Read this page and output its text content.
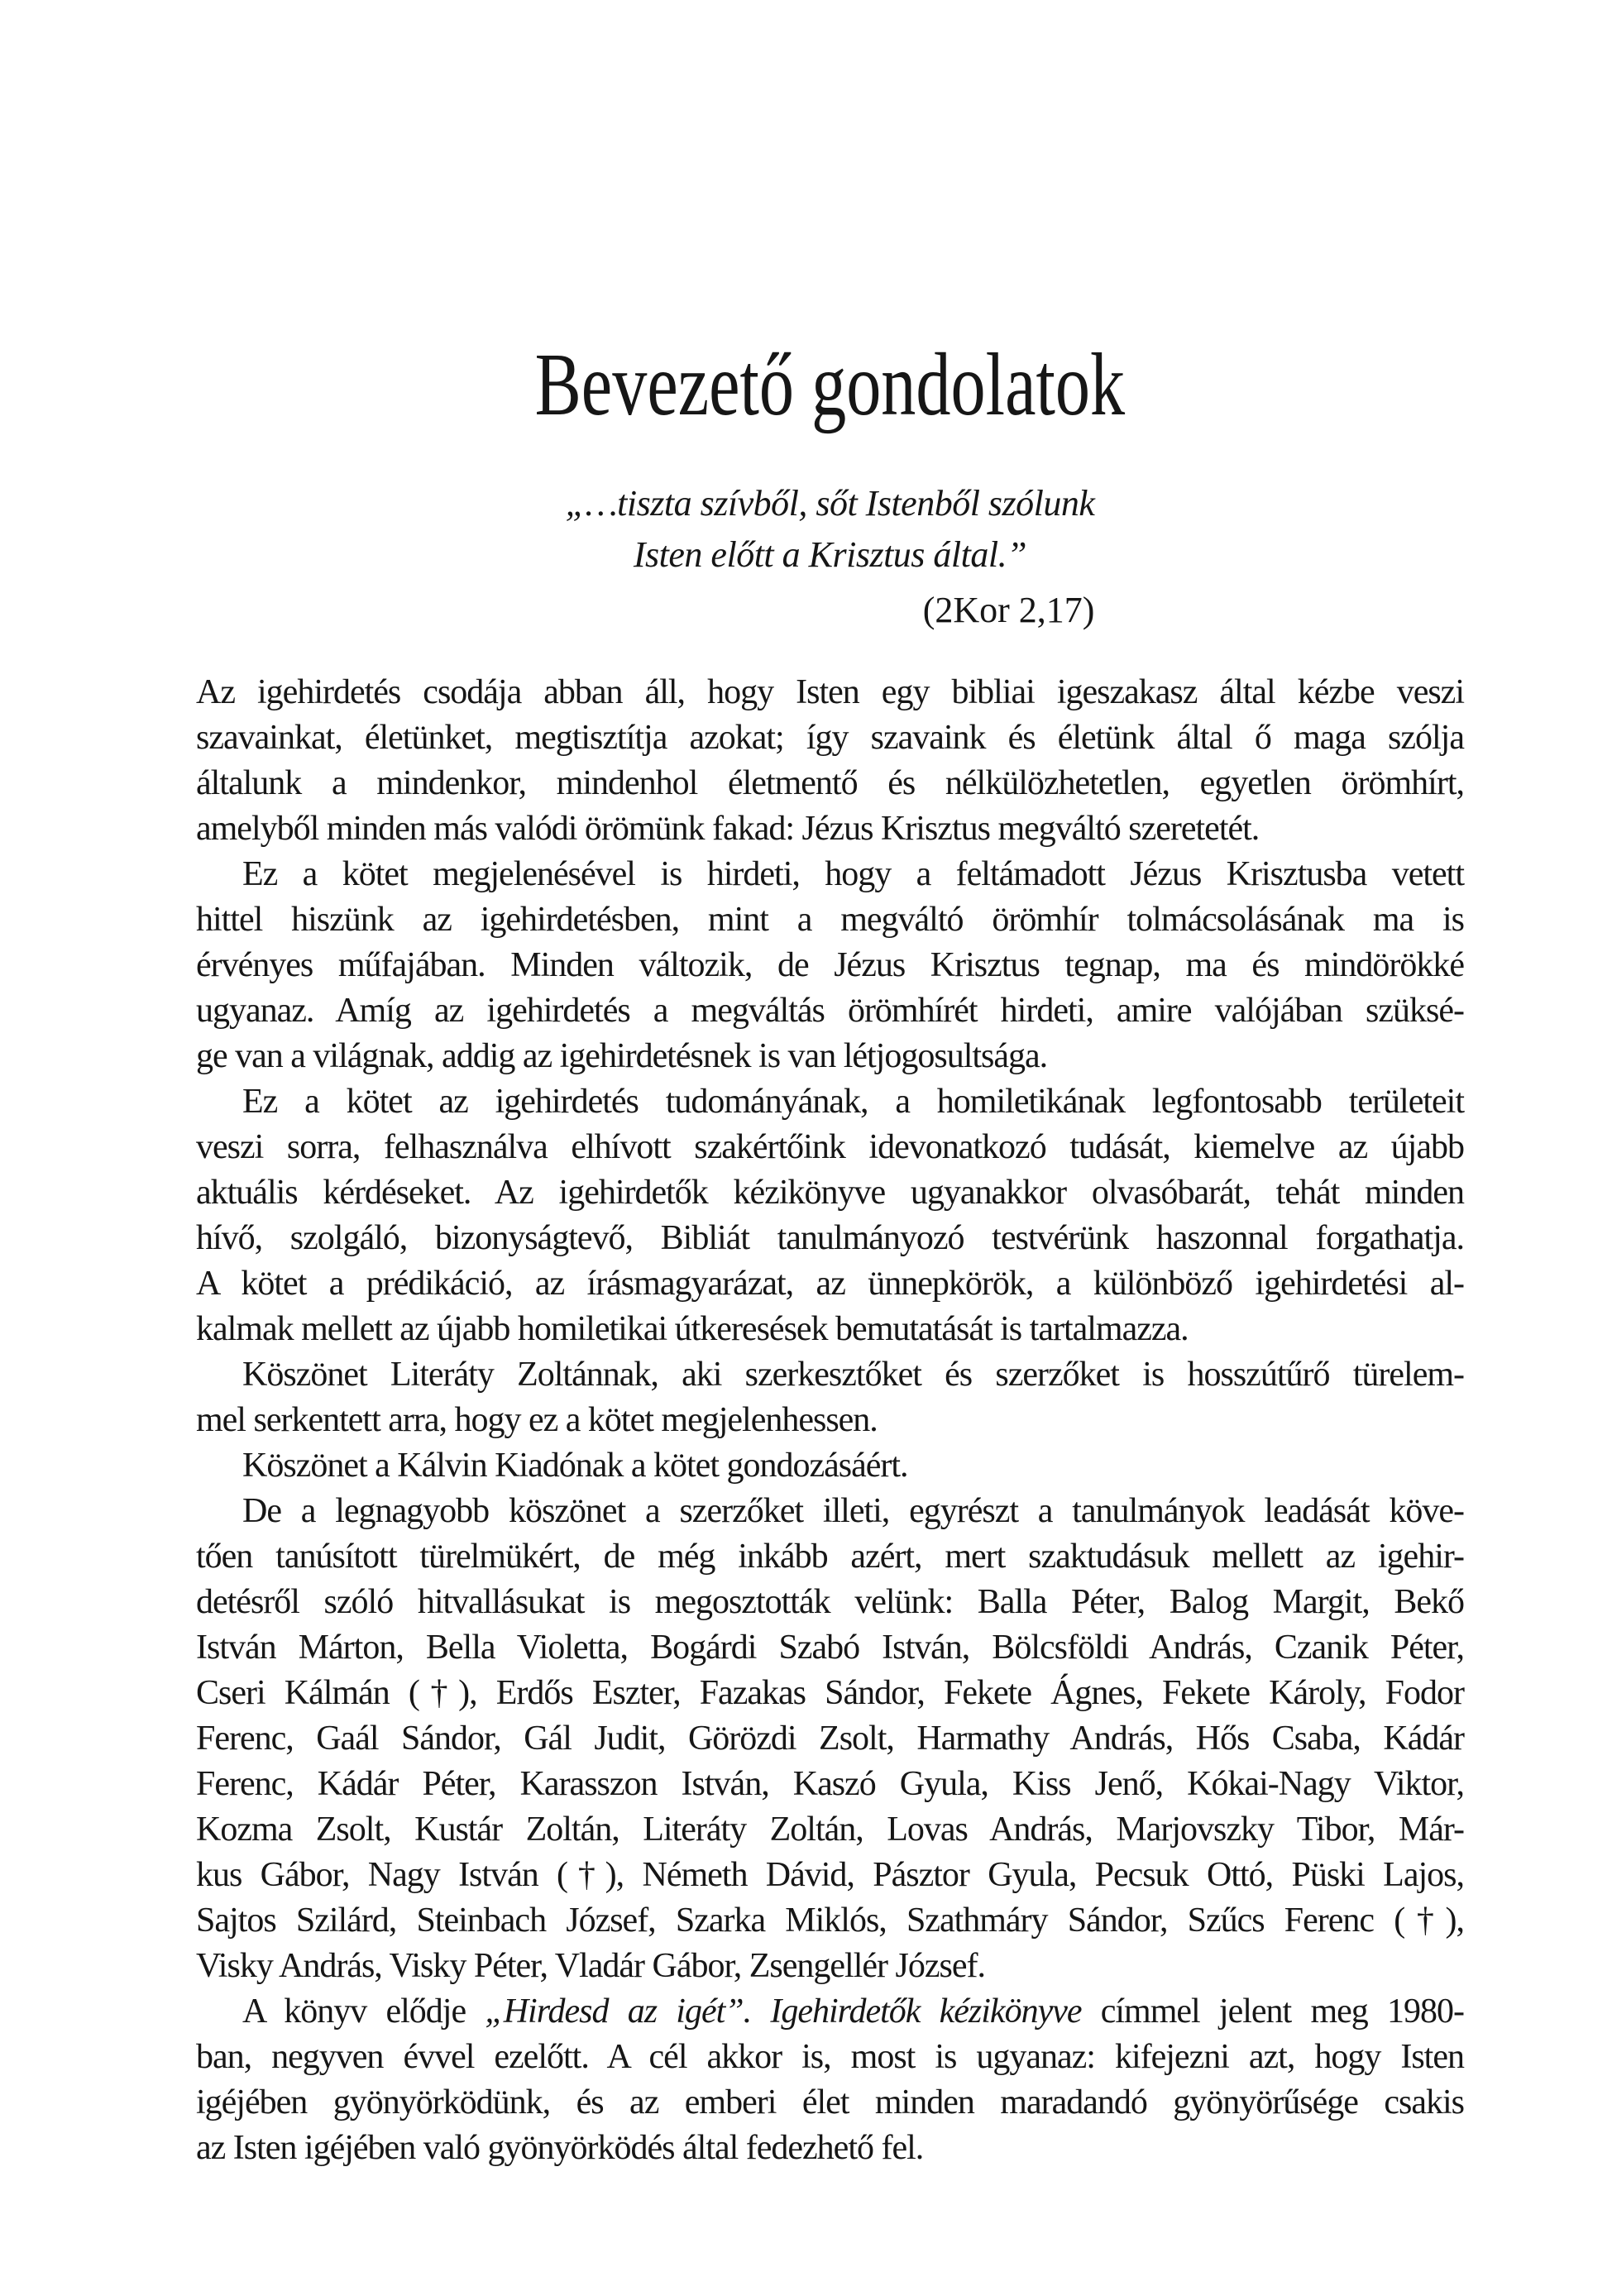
Bevezető gondolatok
„…tiszta szívből, sőt Istenből szólunk
Isten előtt a Krisztus által.”
(2Kor 2,17)
Az igehirdetés csodája abban áll, hogy Isten egy bibliai igeszakasz által kézbe veszi
szavainkat, életünket, megtisztítja azokat; így szavaink és életünk által ő maga szólja
általunk a mindenkor, mindenhol életmentő és nélkülözhetetlen, egyetlen örömhírt,
amelyből minden más valódi örömünk fakad: Jézus Krisztus megváltó szeretetét.
Ez a kötet megjelenésével is hirdeti, hogy a feltámadott Jézus Krisztusba vetett
hittel hiszünk az igehirdetésben, mint a megváltó örömhír tolmácsolásának ma is
érvényes műfajában. Minden változik, de Jézus Krisztus tegnap, ma és mindörökké
ugyanaz. Amíg az igehirdetés a megváltás örömhírét hirdeti, amire valójában szüksé-
ge van a világnak, addig az igehirdetésnek is van létjogosultsága.
Ez a kötet az igehirdetés tudományának, a homiletikának legfontosabb területeit
veszi sorra, felhasználva elhívott szakértőink idevonatkozó tudását, kiemelve az újabb
aktuális kérdéseket. Az igehirdetők kézikönyve ugyanakkor olvasóbarát, tehát minden
hívő, szolgáló, bizonyságtevő, Bibliát tanulmányozó testvérünk haszonnal forgathatja.
A kötet a prédikáció, az írásmagyarázat, az ünnepkörök, a különböző igehirdetési al-
kalmak mellett az újabb homiletikai útkeresések bemutatását is tartalmazza.
Köszönet Literáty Zoltánnak, aki szerkesztőket és szerzőket is hosszútűrő türelem-
mel serkentett arra, hogy ez a kötet megjelenhessen.
Köszönet a Kálvin Kiadónak a kötet gondozásáért.
De a legnagyobb köszönet a szerzőket illeti, egyrészt a tanulmányok leadását köve-
tően tanúsított türelmükért, de még inkább azért, mert szaktudásuk mellett az igehir-
detésről szóló hitvallásukat is megosztották velünk: Balla Péter, Balog Margit, Bekő
István Márton, Bella Violetta, Bogárdi Szabó István, Bölcsföldi András, Czanik Péter,
Cseri Kálmán (†), Erdős Eszter, Fazakas Sándor, Fekete Ágnes, Fekete Károly, Fodor
Ferenc, Gaál Sándor, Gál Judit, Görözdi Zsolt, Harmathy András, Hős Csaba, Kádár
Ferenc, Kádár Péter, Karasszon István, Kaszó Gyula, Kiss Jenő, Kókai-Nagy Viktor,
Kozma Zsolt, Kustár Zoltán, Literáty Zoltán, Lovas András, Marjovszky Tibor, Már-
kus Gábor, Nagy István (†), Németh Dávid, Pásztor Gyula, Pecsuk Ottó, Püski Lajos,
Sajtos Szilárd, Steinbach József, Szarka Miklós, Szathmáry Sándor, Szűcs Ferenc (†),
Visky András, Visky Péter, Vladár Gábor, Zsengellér József.
A könyv elődje „Hirdesd az igét”. Igehirdetők kézikönyve címmel jelent meg 1980-
ban, negyven évvel ezelőtt. A cél akkor is, most is ugyanaz: kifejezni azt, hogy Isten
igéjében gyönyörködünk, és az emberi élet minden maradandó gyönyörűsége csakis
az Isten igéjében való gyönyörködés által fedezhető fel.
